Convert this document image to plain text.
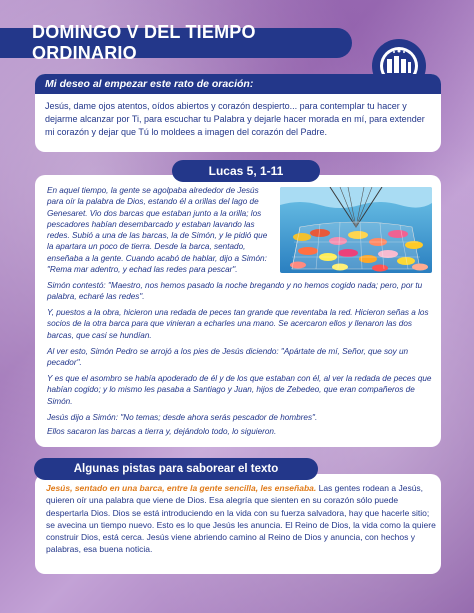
DOMINGO V DEL TIEMPO ORDINARIO
Mi deseo al empezar este rato de oración:
Jesús, dame ojos atentos, oídos abiertos y corazón despierto... para contemplar tu hacer y dejarme alcanzar por Ti, para escuchar tu Palabra y dejarle hacer morada en mí, para extender mi corazón y dejar que Tú lo moldees a imagen del corazón del Padre.
En aquel tiempo, la gente se agolpaba alrededor de Jesús para oír la palabra de Dios, estando él a orillas del lago de Genesaret. Vio dos barcas que estaban junto a la orilla; los pescadores habían desembarcado y estaban lavando las redes. Subió a una de las barcas, la de Simón, y le pidió que la apartara un poco de tierra. Desde la barca, sentado, enseñaba a la gente. Cuando acabó de hablar, dijo a Simón: "Rema mar adentro, y echad las redes para pescar".
Simón contestó: "Maestro, nos hemos pasado la noche bregando y no hemos cogido nada; pero, por tu palabra, echaré las redes".
Y, puestos a la obra, hicieron una redada de peces tan grande que reventaba la red. Hicieron señas a los socios de la otra barca para que vinieran a echarles una mano. Se acercaron ellos y llenaron las dos barcas, que casi se hundían.
Al ver esto, Simón Pedro se arrojó a los pies de Jesús diciendo: "Apártate de mí, Señor, que soy un pecador".
Y es que el asombro se había apoderado de él y de los que estaban con él, al ver la redada de peces que habían cogido; y lo mismo les pasaba a Santiago y Juan, hijos de Zebedeo, que eran compañeros de Simón.
Jesús dijo a Simón: "No temas; desde ahora serás pescador de hombres".
Ellos sacaron las barcas a tierra y, dejándolo todo, lo siguieron.
Lucas 5, 1-11
Jesús, sentado en una barca, entre la gente sencilla, les enseñaba. Las gentes rodean a Jesús, quieren oír una palabra que viene de Dios. Esa alegría que sienten en su corazón sólo puede despertarla Dios. Dios se está introduciendo en la vida con su fuerza salvadora, hay que hacerle sitio; se avecina un tiempo nuevo. Esto es lo que Jesús les anuncia. El Reino de Dios, la vida como la quiere construir Dios, está cerca. Jesús viene abriendo camino al Reino de Dios y anuncia, con hechos y palabras, esa buena noticia.
Algunas pistas para saborear el texto
